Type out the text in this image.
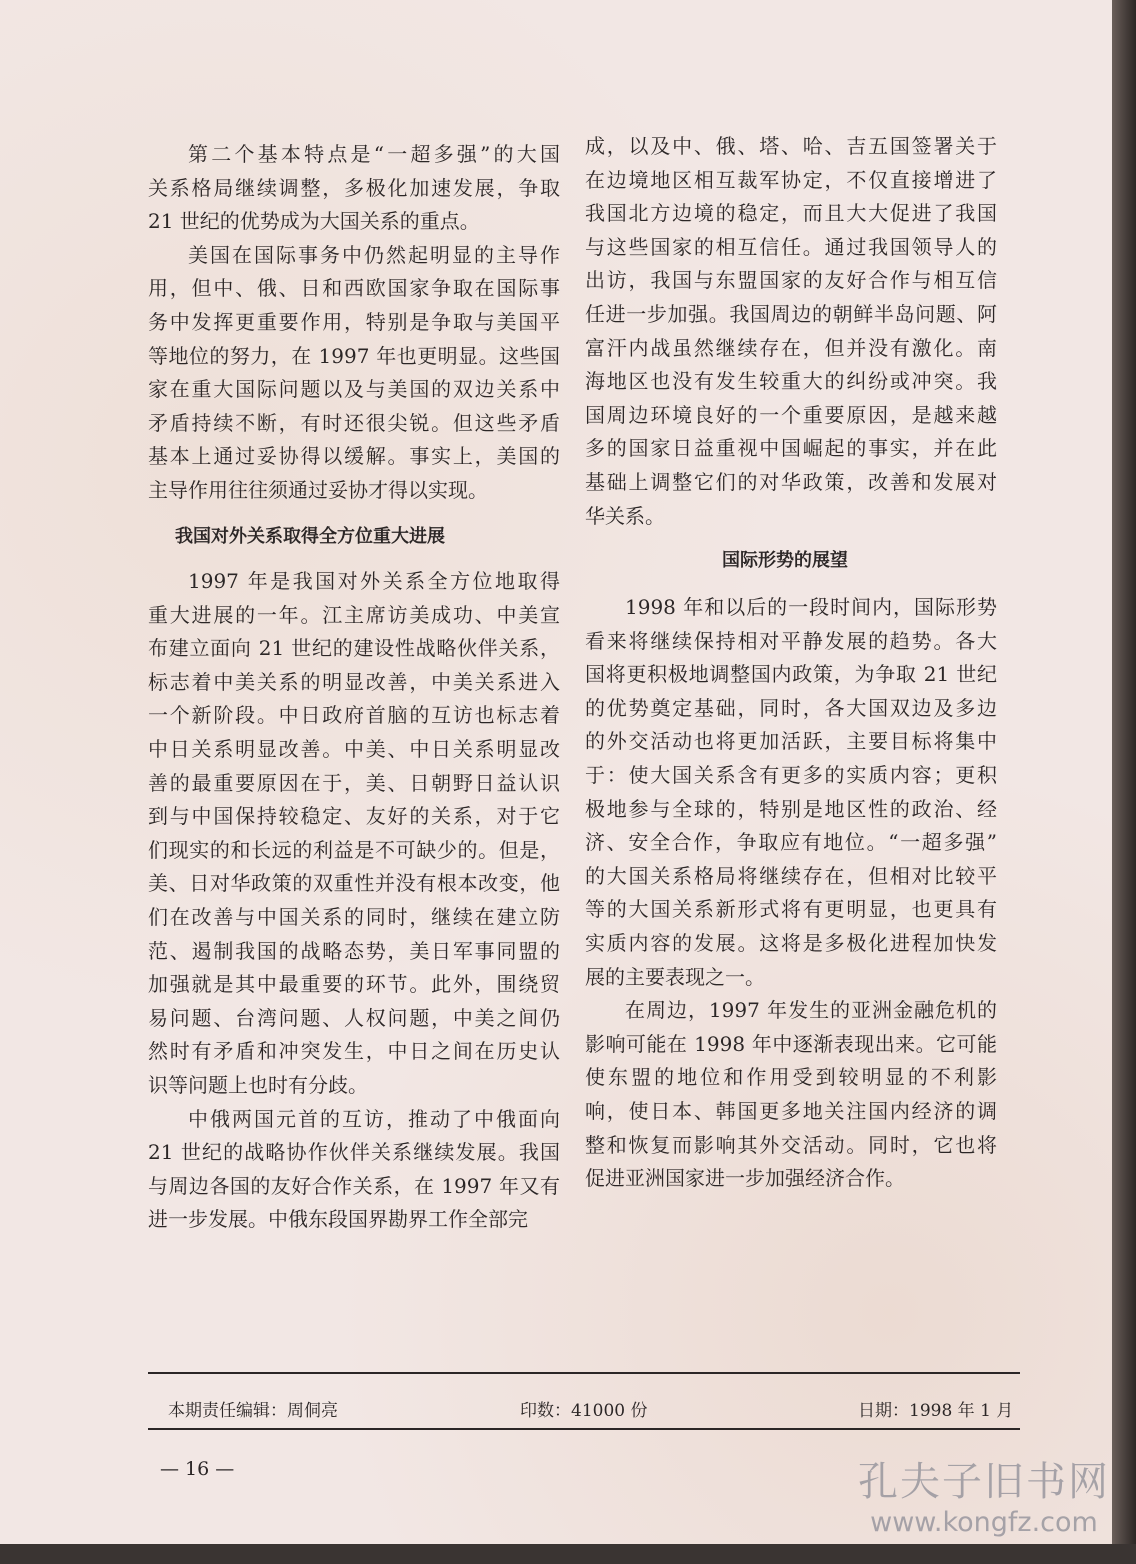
第二个基本特点是“一超多强”的大国
关系格局继续调整，多极化加速发展，争取
21 世纪的优势成为大国关系的重点。
美国在国际事务中仍然起明显的主导作
用，但中、俄、日和西欧国家争取在国际事
务中发挥更重要作用，特别是争取与美国平
等地位的努力，在 1997 年也更明显。这些国
家在重大国际问题以及与美国的双边关系中
矛盾持续不断，有时还很尖锐。但这些矛盾
基本上通过妥协得以缓解。事实上，美国的
主导作用往往须通过妥协才得以实现。
我国对外关系取得全方位重大进展
1997 年是我国对外关系全方位地取得
重大进展的一年。江主席访美成功、中美宣
布建立面向 21 世纪的建设性战略伙伴关系，
标志着中美关系的明显改善，中美关系进入
一个新阶段。中日政府首脑的互访也标志着
中日关系明显改善。中美、中日关系明显改
善的最重要原因在于，美、日朝野日益认识
到与中国保持较稳定、友好的关系，对于它
们现实的和长远的利益是不可缺少的。但是，
美、日对华政策的双重性并没有根本改变，他
们在改善与中国关系的同时，继续在建立防
范、遏制我国的战略态势，美日军事同盟的
加强就是其中最重要的环节。此外，围绕贸
易问题、台湾问题、人权问题，中美之间仍
然时有矛盾和冲突发生，中日之间在历史认
识等问题上也时有分歧。
中俄两国元首的互访，推动了中俄面向
21 世纪的战略协作伙伴关系继续发展。我国
与周边各国的友好合作关系，在 1997 年又有
进一步发展。中俄东段国界勘界工作全部完
成，以及中、俄、塔、哈、吉五国签署关于
在边境地区相互裁军协定，不仅直接增进了
我国北方边境的稳定，而且大大促进了我国
与这些国家的相互信任。通过我国领导人的
出访，我国与东盟国家的友好合作与相互信
任进一步加强。我国周边的朝鲜半岛问题、阿
富汗内战虽然继续存在，但并没有激化。南
海地区也没有发生较重大的纠纷或冲突。我
国周边环境良好的一个重要原因，是越来越
多的国家日益重视中国崛起的事实，并在此
基础上调整它们的对华政策，改善和发展对
华关系。
国际形势的展望
1998 年和以后的一段时间内，国际形势
看来将继续保持相对平静发展的趋势。各大
国将更积极地调整国内政策，为争取 21 世纪
的优势奠定基础，同时，各大国双边及多边
的外交活动也将更加活跃，主要目标将集中
于：使大国关系含有更多的实质内容；更积
极地参与全球的，特别是地区性的政治、经
济、安全合作，争取应有地位。“一超多强”
的大国关系格局将继续存在，但相对比较平
等的大国关系新形式将有更明显，也更具有
实质内容的发展。这将是多极化进程加快发
展的主要表现之一。
在周边，1997 年发生的亚洲金融危机的
影响可能在 1998 年中逐渐表现出来。它可能
使东盟的地位和作用受到较明显的不利影
响，使日本、韩国更多地关注国内经济的调
整和恢复而影响其外交活动。同时，它也将
促进亚洲国家进一步加强经济合作。
本期责任编辑：周侗亮	印数：41000 份	日期：1998 年 1 月
— 16 —	孔夫子旧书网
www.kongfz.com
